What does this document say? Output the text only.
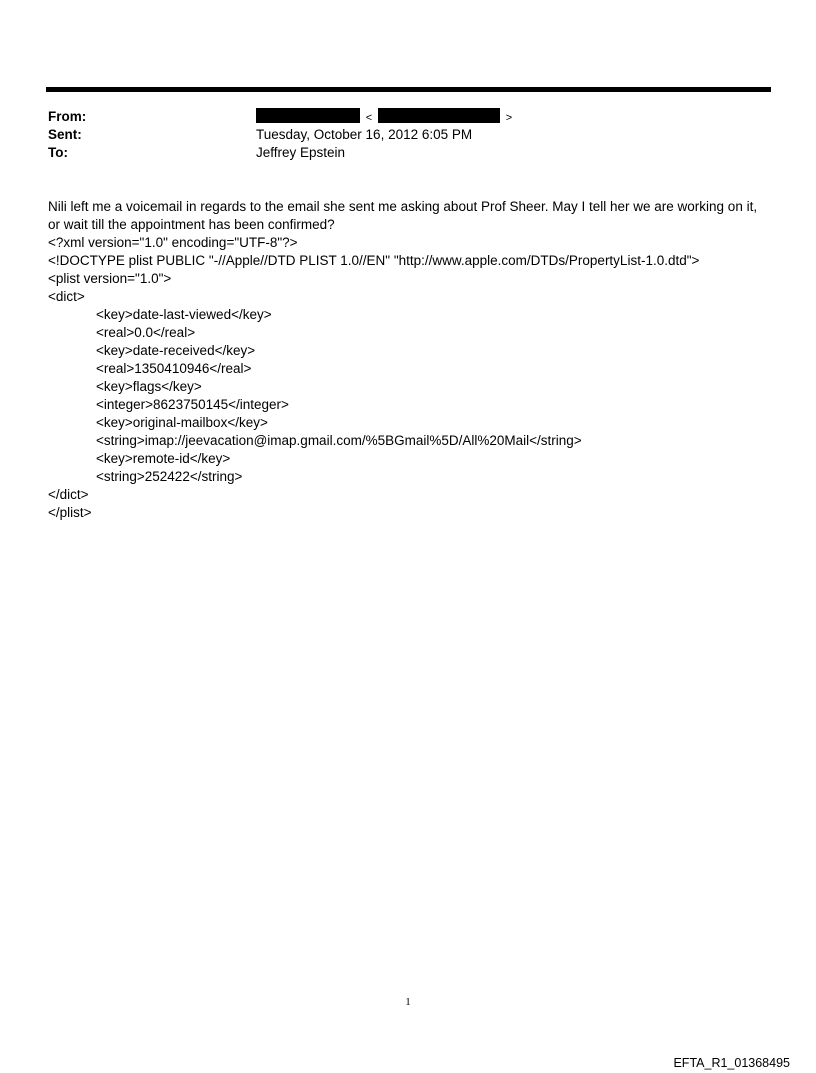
From:	<	>
Sent:	Tuesday, October 16, 2012 6:05 PM
To:	Jeffrey Epstein
Nili left me a voicemail in regards to the email she sent me asking about Prof Sheer. May I tell her we are working on it,
or wait till the appointment has been confirmed?
<?xml version="1.0" encoding="UTF-8"?>
<!DOCTYPE plist PUBLIC "-//Apple//DTD PLIST 1.0//EN" "http://www.apple.com/DTDs/PropertyList-1.0.dtd">
<plist version="1.0">
<dict>
<key>date-last-viewed</key>
<real>0.0</real>
<key>date-received</key>
<real>1350410946</real>
<key>flags</key>
<integer>8623750145</integer>
<key>original-mailbox</key>
<string>imap://jeevacation@imap.gmail.com/%5BGmail%5D/All%20Mail</string>
<key>remote-id</key>
<string>252422</string>
</dict>
</plist>
1
EFTA_R1_01368495
